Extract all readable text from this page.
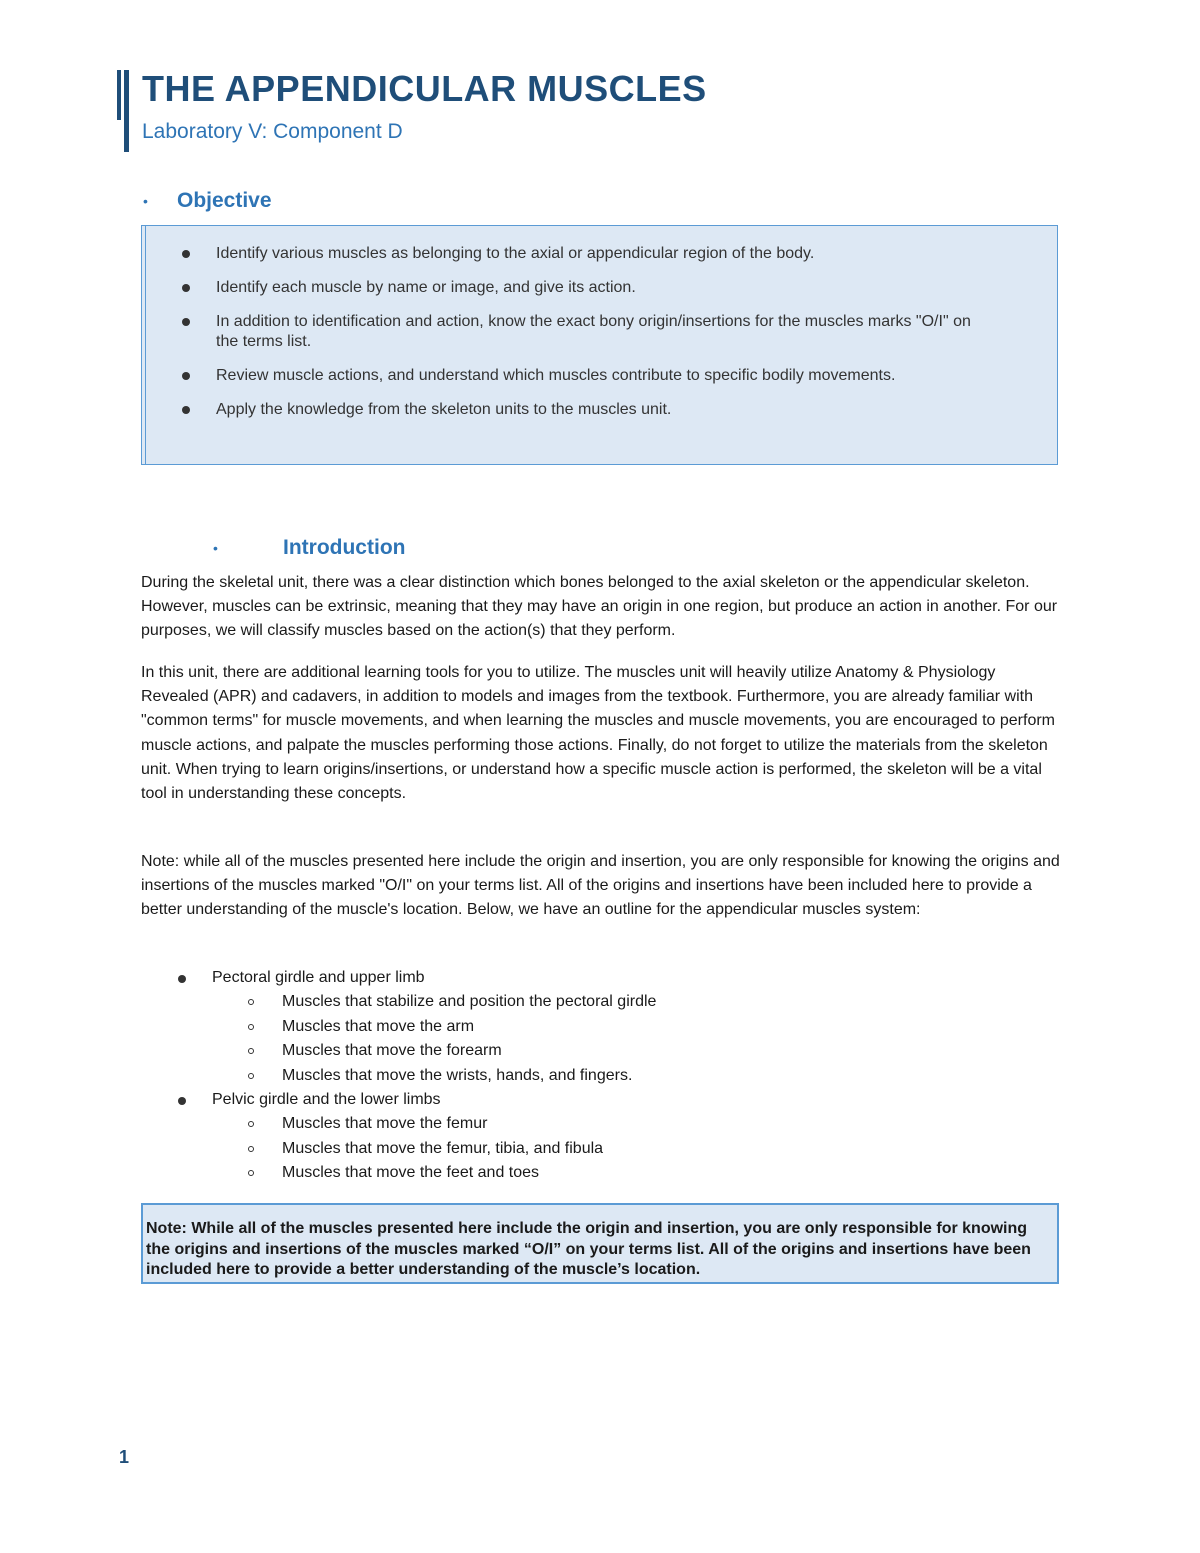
THE APPENDICULAR MUSCLES
Laboratory V: Component D
• Objective
Identify various muscles as belonging to the axial or appendicular region of the body.
Identify each muscle by name or image, and give its action.
In addition to identification and action, know the exact bony origin/insertions for the muscles marks "O/I" on the terms list.
Review muscle actions, and understand which muscles contribute to specific bodily movements.
Apply the knowledge from the skeleton units to the muscles unit.
•	Introduction

During the skeletal unit, there was a clear distinction which bones belonged to the axial skeleton or the appendicular skeleton. However, muscles can be extrinsic, meaning that they may have an origin in one region, but produce an action in another. For our purposes, we will classify muscles based on the action(s) that they perform.

In this unit, there are additional learning tools for you to utilize. The muscles unit will heavily utilize Anatomy & Physiology Revealed (APR) and cadavers, in addition to models and images from the textbook. Furthermore, you are already familiar with "common terms" for muscle movements, and when learning the muscles and muscle movements, you are encouraged to perform muscle actions, and palpate the muscles performing those actions. Finally, do not forget to utilize the materials from the skeleton unit. When trying to learn origins/insertions, or understand how a specific muscle action is performed, the skeleton will be a vital tool in understanding these concepts.

Note: while all of the muscles presented here include the origin and insertion, you are only responsible for knowing the origins and insertions of the muscles marked "O/I" on your terms list. All of the origins and insertions have been included here to provide a better understanding of the muscle's location. Below, we have an outline for the appendicular muscles system:

Pectoral girdle and upper limb
Muscles that stabilize and position the pectoral girdle
Muscles that move the arm
Muscles that move the forearm
Muscles that move the wrists, hands, and fingers.
Pelvic girdle and the lower limbs
Muscles that move the femur
Muscles that move the femur, tibia, and fibula
Muscles that move the feet and toes
Note: While all of the muscles presented here include the origin and insertion, you are only responsible for knowing the origins and insertions of the muscles marked “O/I” on your terms list. All of the origins and insertions have been included here to provide a better understanding of the muscle’s location.
1
